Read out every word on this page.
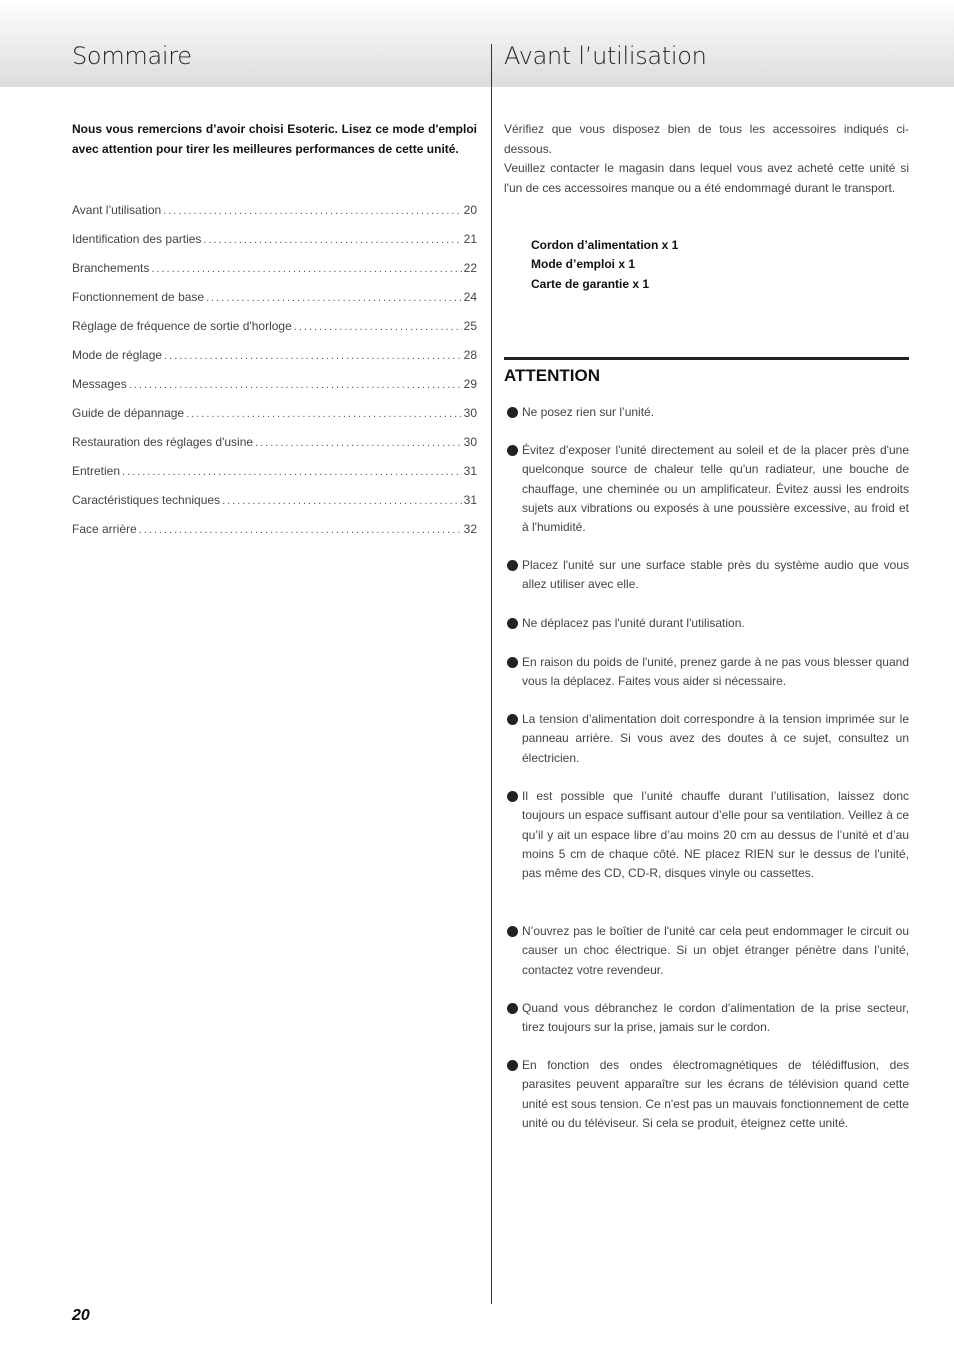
Sommaire	Avant l’utilisation

Nous vous remercions d’avoir choisi Esoteric. Lisez ce mode d'emploi avec attention pour tirer les meilleures performances de cette unité.

Avant l’utilisation .....	20
Identification des parties .....	21
Branchements .....	22
Fonctionnement de base .....	24
Réglage de fréquence de sortie d'horloge .....	25
Mode de réglage .....	28
Messages .....	29
Guide de dépannage .....	30
Restauration des réglages d'usine .....	30
Entretien .....	31
Caractéristiques techniques .....	31
Face arrière .....	32

Vérifiez que vous disposez bien de tous les accessoires indiqués ci-dessous.

Veuillez contacter le magasin dans lequel vous avez acheté cette unité si l'un de ces accessoires manque ou a été endommagé durant le transport.

Cordon d’alimentation x 1
Mode d’emploi x 1
Carte de garantie x 1
ATTENTION
Ne posez rien sur l’unité.
Évitez d'exposer l'unité directement au soleil et de la placer près d'une quelconque source de chaleur telle qu'un radiateur, une bouche de chauffage, une cheminée ou un amplificateur. Évitez aussi les endroits sujets aux vibrations ou exposés à une poussière excessive, au froid et à l'humidité.
Placez l'unité sur une surface stable près du système audio que vous allez utiliser avec elle.
Ne déplacez pas l'unité durant l'utilisation.
En raison du poids de l'unité, prenez garde à ne pas vous blesser quand vous la déplacez. Faites vous aider si nécessaire.
La tension d’alimentation doit correspondre à la tension imprimée sur le panneau arrière. Si vous avez des doutes à ce sujet, consultez un électricien.
Il est possible que l’unité chauffe durant l’utilisation, laissez donc toujours un espace suffisant autour d’elle pour sa ventilation. Veillez à ce qu’il y ait un espace libre d’au moins 20 cm au dessus de l’unité et d’au moins 5 cm de chaque côté. NE placez RIEN sur le dessus de l'unité, pas même des CD, CD-R, disques vinyle ou cassettes.
N’ouvrez pas le boîtier de l'unité car cela peut endommager le circuit ou causer un choc électrique. Si un objet étranger pénètre dans l’unité, contactez votre revendeur.
Quand vous débranchez le cordon d'alimentation de la prise secteur, tirez toujours sur la prise, jamais sur le cordon.
En fonction des ondes électromagnétiques de télédiffusion, des parasites peuvent apparaître sur les écrans de télévision quand cette unité est sous tension. Ce n'est pas un mauvais fonctionnement de cette unité ou du téléviseur. Si cela se produit, éteignez cette unité.

20
